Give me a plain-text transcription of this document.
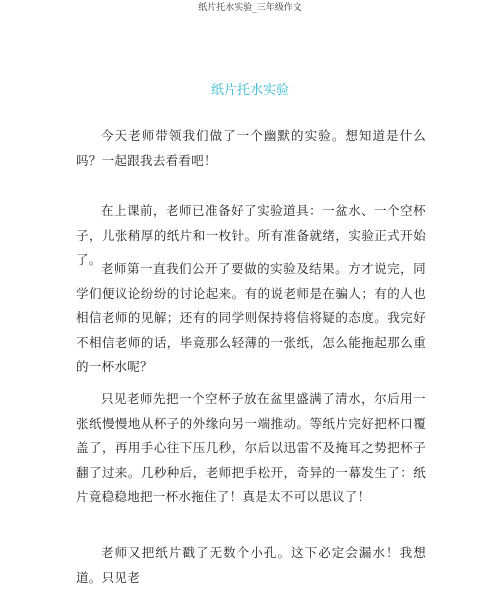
纸片托水实验_三年级作文
纸片托水实验

今天老师带领我们做了一个幽默的实验。想知道是什么吗？一起跟我去看看吧！

在上课前，老师已准备好了实验道具：一盆水、一个空杯子，儿张稍厚的纸片和一枚针。所有准备就绪，实验正式开始了。

老师第一直我们公开了要做的实验及结果。方才说完，同学们便议论纷纷的讨论起来。有的说老师是在骗人；有的人也相信老师的见解；还有的同学则保持将信将疑的态度。我完好不相信老师的话，毕竟那么轻薄的一张纸，怎么能拖起那么重的一杯水呢？

只见老师先把一个空杯子放在盆里盛满了清水，尔后用一张纸慢慢地从杯子的外缘向另一端推动。等纸片完好把杯口覆盖了，再用手心往下压几秒，尔后以迅雷不及掩耳之势把杯子翻了过来。几秒种后，老师把手松开，奇异的一幕发生了：纸片竟稳稳地把一杯水拖住了！真是太不可以思议了！

老师又把纸片戳了无数个小孔。这下必定会漏水！我想道。只见老
